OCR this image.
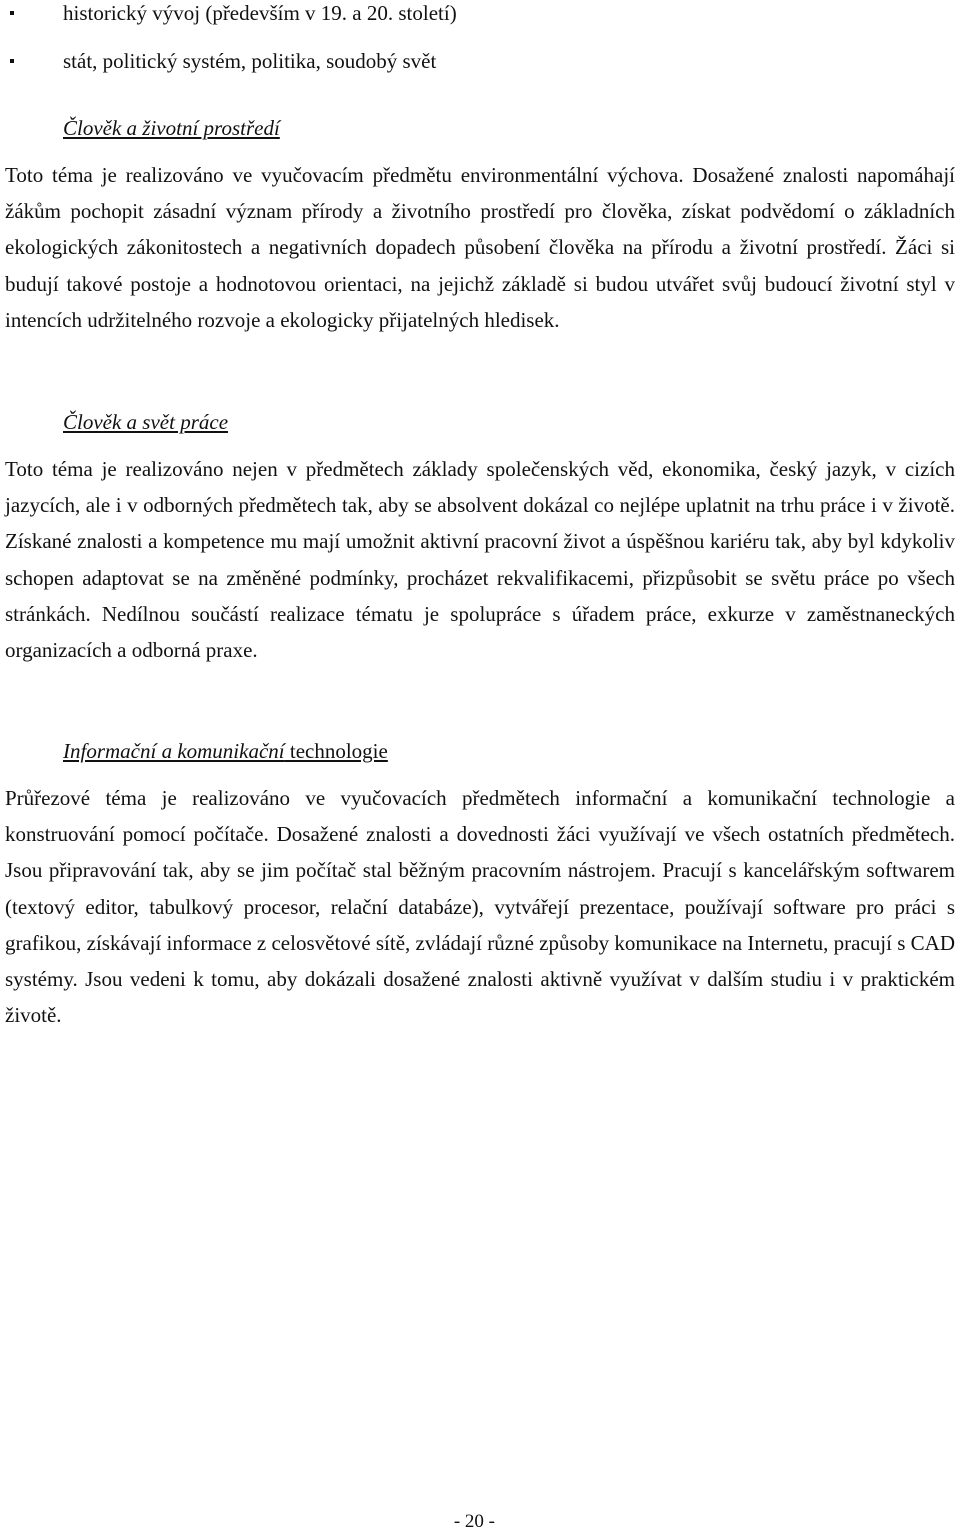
historický vývoj (především v 19. a 20. století)
stát, politický systém, politika, soudobý svět
Člověk a životní prostředí

Toto téma je realizováno ve vyučovacím předmětu environmentální výchova. Dosažené znalosti napomáhají žákům pochopit zásadní význam přírody a životního prostředí pro člověka, získat podvědomí o základních ekologických zákonitostech a negativních dopadech působení člověka na přírodu a životní prostředí. Žáci si budují takové postoje a hodnotovou orientaci, na jejichž základě si budou utvářet svůj budoucí životní styl v intencích udržitelného rozvoje a ekologicky přijatelných hledisek.

Člověk a svět práce

Toto téma je realizováno nejen v předmětech základy společenských věd, ekonomika, český jazyk, v cizích jazycích, ale i v odborných předmětech tak, aby se absolvent dokázal co nejlépe uplatnit na trhu práce i v životě. Získané znalosti a kompetence mu mají umožnit aktivní pracovní život a úspěšnou kariéru tak, aby byl kdykoliv schopen adaptovat se na změněné podmínky, procházet rekvalifikacemi, přizpůsobit se světu práce po všech stránkách. Nedílnou součástí realizace tématu je spolupráce s úřadem práce, exkurze v zaměstnaneckých organizacích a odborná praxe.

Informační a komunikační technologie

Průřezové téma je realizováno ve vyučovacích předmětech informační a komunikační technologie a konstruování pomocí počítače. Dosažené znalosti a dovednosti žáci využívají ve všech ostatních předmětech. Jsou připravování tak, aby se jim počítač stal běžným pracovním nástrojem. Pracují s kancelářským softwarem (textový editor, tabulkový procesor, relační databáze), vytvářejí prezentace, používají software pro práci s grafikou, získávají informace z celosvětové sítě, zvládají různé způsoby komunikace na Internetu, pracují s CAD systémy. Jsou vedeni k tomu, aby dokázali dosažené znalosti aktivně využívat v dalším studiu i v praktickém životě.

- 20 -
